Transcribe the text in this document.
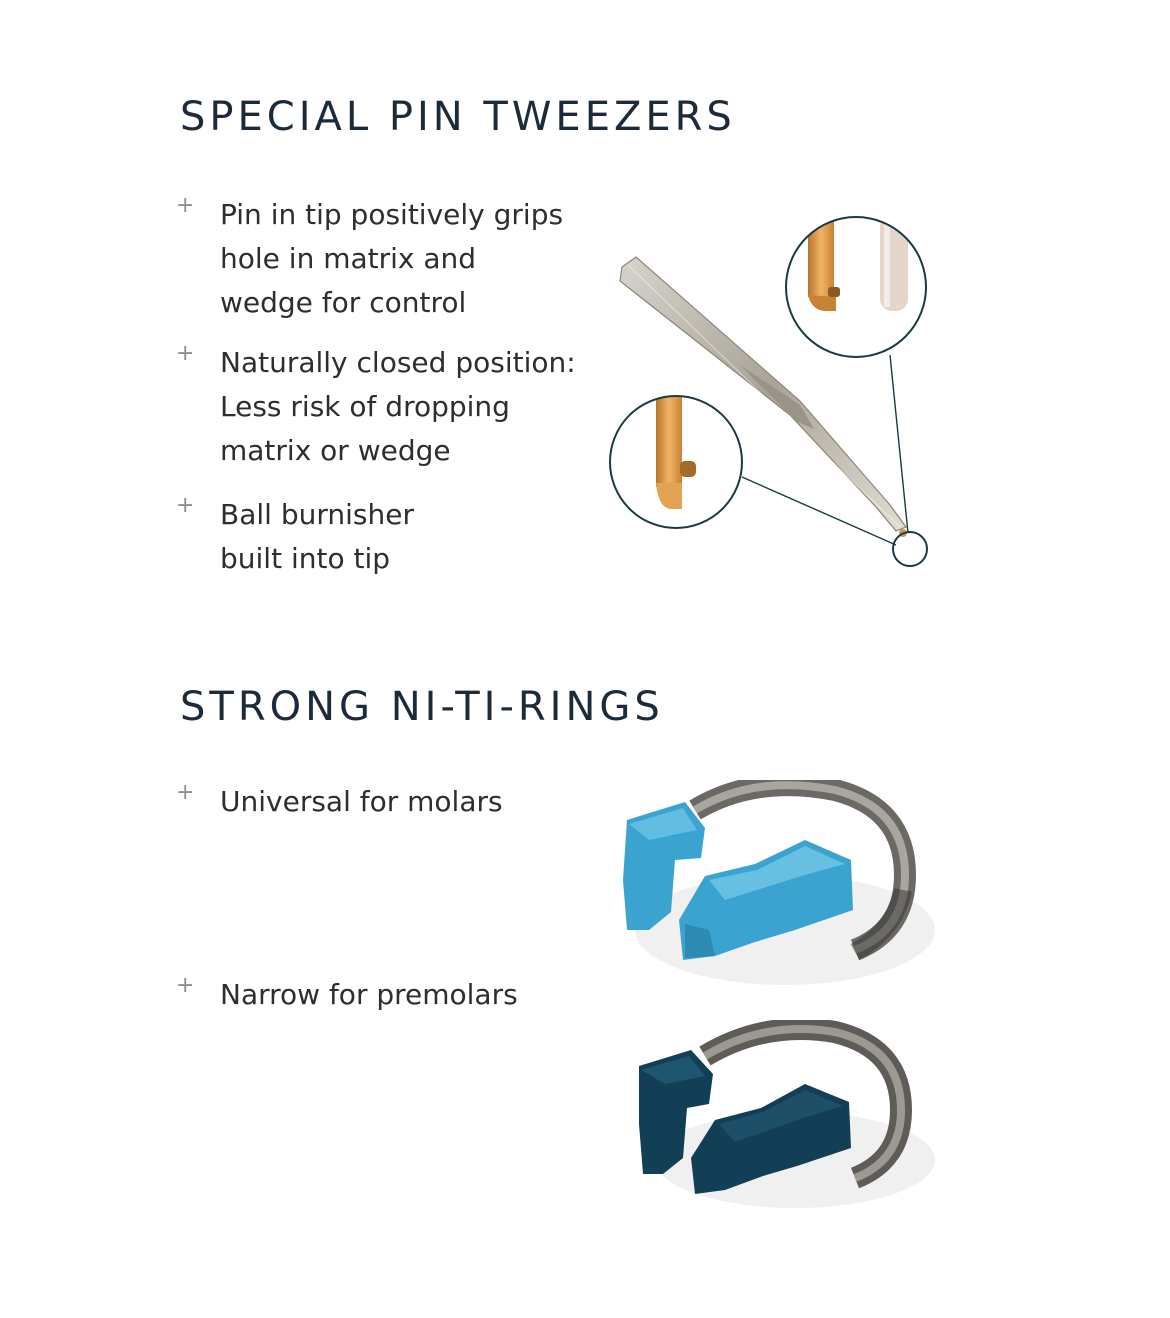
SPECIAL PIN TWEEZERS
+ Pin in tip positively grips hole in matrix and wedge for control
+ Naturally closed position: Less risk of dropping matrix or wedge
+ Ball burnisher built into tip
STRONG NI-TI-RINGS
+ Universal for molars
+ Narrow for premolars
